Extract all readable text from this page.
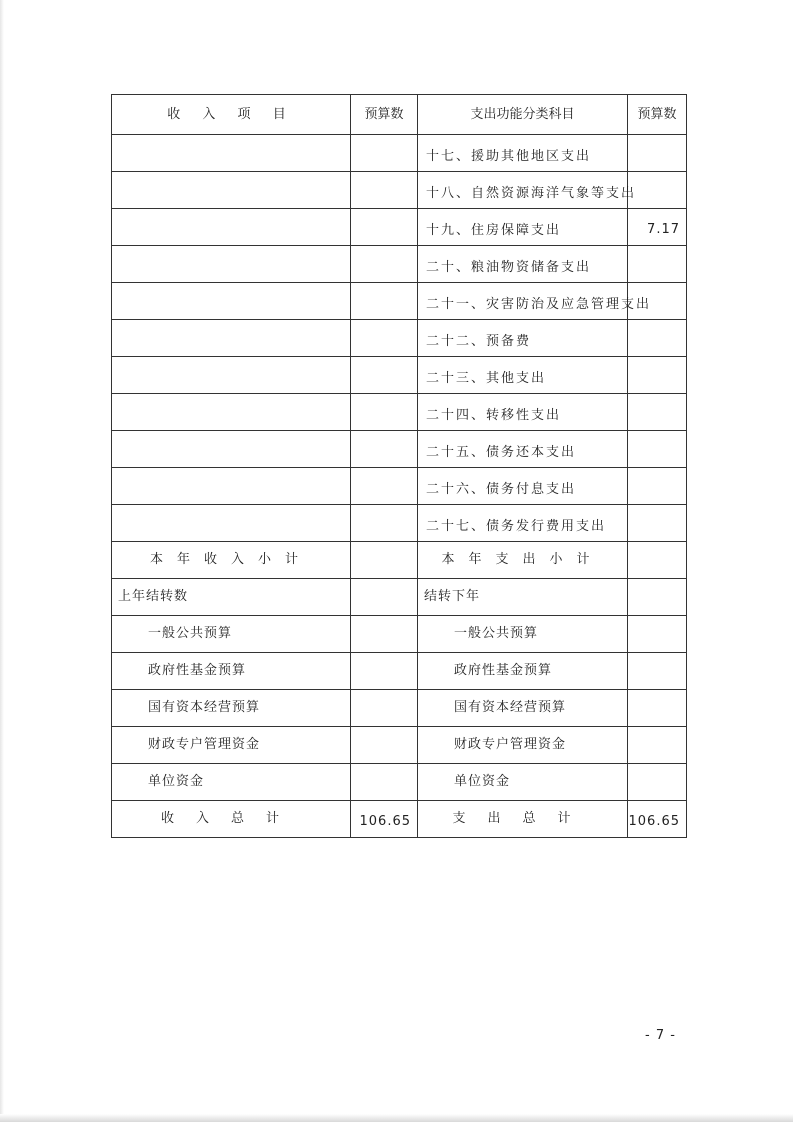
收 入 项 目	预算数	支出功能分类科目	预算数
		十七、援助其他地区支出	
		十八、自然资源海洋气象等支出	
		十九、住房保障支出	7.17
		二十、粮油物资储备支出	
		二十一、灾害防治及应急管理支出	
		二十二、预备费	
		二十三、其他支出	
		二十四、转移性支出	
		二十五、债务还本支出	
		二十六、债务付息支出	
		二十七、债务发行费用支出	
本年收入小计		本年支出小计	
上年结转数		结转下年	
一般公共预算		一般公共预算	
政府性基金预算		政府性基金预算	
国有资本经营预算		国有资本经营预算	
财政专户管理资金		财政专户管理资金	
单位资金		单位资金	
收入总计	106.65	支出总计	106.65
- 7 -
